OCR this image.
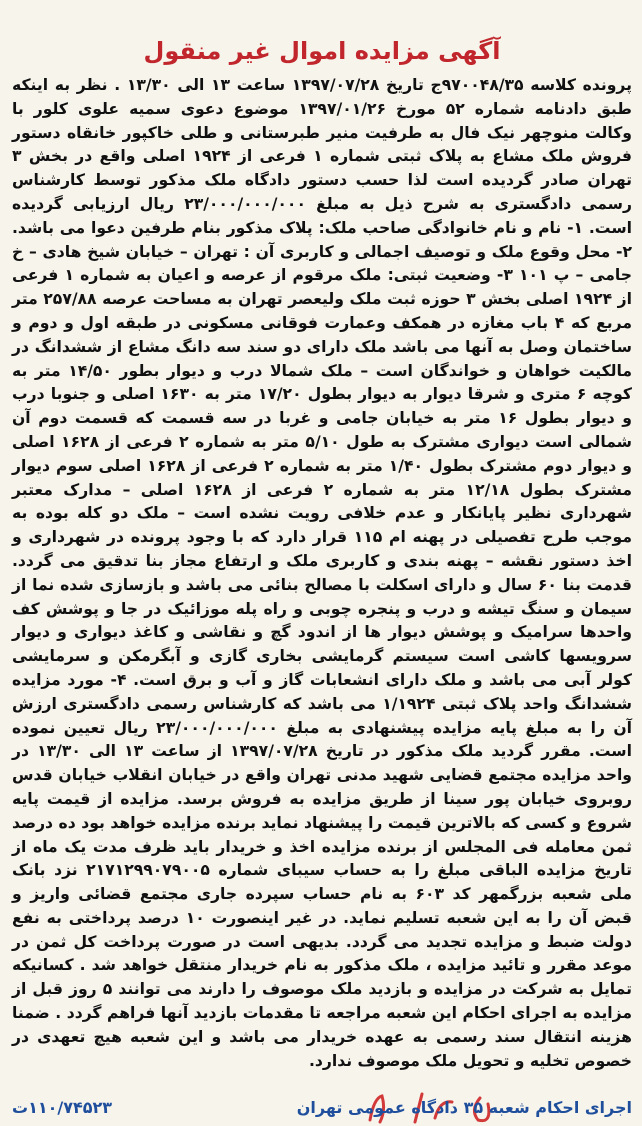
آگهی مزایده اموال غیر منقول

پرونده کلاسه ۹۷۰۰۴۸/۳۵ج تاریخ ۱۳۹۷/۰۷/۲۸ ساعت ۱۳ الی ۱۳/۳۰ . نظر به اینکه طبق دادنامه شماره ۵۲ مورخ ۱۳۹۷/۰۱/۲۶ موضوع دعوی سمیه علوی کلور با وکالت منوچهر نیک فال به طرفیت منیر طبرستانی و طلی خاکپور خانقاه دستور فروش ملک مشاع به پلاک ثبتی شماره ۱ فرعی از ۱۹۲۴ اصلی واقع در بخش ۳ تهران صادر گردیده است لذا حسب دستور دادگاه ملک مذکور توسط کارشناس رسمی دادگستری به شرح ذیل به مبلغ ۲۳/۰۰۰/۰۰۰/۰۰۰ ریال ارزیابی گردیده است. ۱- نام و نام خانوادگی صاحب ملک: پلاک مذکور بنام طرفین دعوا می باشد. ۲- محل وقوع ملک و توصیف اجمالی و کاربری آن : تهران – خیابان شیخ هادی – خ جامی – پ ۱۰۱ ۳- وضعیت ثبتی: ملک مرقوم از عرصه و اعیان به شماره ۱ فرعی از ۱۹۲۴ اصلی بخش ۳ حوزه ثبت ملک ولیعصر تهران به مساحت عرصه ۲۵۷/۸۸ متر مربع که ۴ باب مغازه در همکف وعمارت فوقانی مسکونی در طبقه اول و دوم و ساختمان وصل به آنها می باشد ملک دارای دو سند سه دانگ مشاع از ششدانگ در مالکیت خواهان و خواندگان است – ملک شمالا درب و دیوار بطور ۱۴/۵۰ متر به کوچه ۶ متری و شرقا دیوار به دیوار بطول ۱۷/۲۰ متر به ۱۶۳۰ اصلی و جنوبا درب و دیوار بطول ۱۶ متر به خیابان جامی و غربا در سه قسمت که قسمت دوم آن شمالی است دیواری مشترک به طول ۵/۱۰ متر به شماره ۲ فرعی از ۱۶۲۸ اصلی و دیوار دوم مشترک بطول ۱/۴۰ متر به شماره ۲ فرعی از ۱۶۲۸ اصلی سوم دیوار مشترک بطول ۱۲/۱۸ متر به شماره ۲ فرعی از ۱۶۲۸ اصلی – مدارک معتبر شهرداری نظیر پایانکار و عدم خلافی رویت نشده است – ملک دو کله بوده به موجب طرح تفصیلی در پهنه ام ۱۱۵ قرار دارد که با وجود پرونده در شهرداری و اخذ دستور نقشه – پهنه بندی و کاربری ملک و ارتفاع مجاز بنا تدقیق می گردد. قدمت بنا ۶۰ سال و دارای اسکلت با مصالح بنائی می باشد و بازسازی شده نما از سیمان و سنگ تیشه و درب و پنجره چوبی و راه پله موزائیک در جا و پوشش کف واحدها سرامیک و پوشش دیوار ها از اندود گچ و نقاشی و کاغذ دیواری و دیوار سرویسها کاشی است سیستم گرمایشی بخاری گازی و آبگرمکن و سرمایشی کولر آبی می باشد و ملک دارای انشعابات گاز و آب و برق است. ۴- مورد مزایده ششدانگ واحد پلاک ثبتی ۱/۱۹۲۴ می باشد که کارشناس رسمی دادگستری ارزش آن را به مبلغ پایه مزایده پیشنهادی به مبلغ ۲۳/۰۰۰/۰۰۰/۰۰۰ ریال تعیین نموده است. مقرر گردید ملک مذکور در تاریخ ۱۳۹۷/۰۷/۲۸ از ساعت ۱۳ الی ۱۳/۳۰ در واحد مزایده مجتمع قضایی شهید مدنی تهران واقع در خیابان انقلاب خیابان قدس روبروی خیابان پور سینا از طریق مزایده به فروش برسد. مزایده از قیمت پایه شروع و کسی که بالاترین قیمت را پیشنهاد نماید برنده مزایده خواهد بود ده درصد ثمن معامله فی المجلس از برنده مزایده اخذ و خریدار باید ظرف مدت یک ماه از تاریخ مزایده الباقی مبلغ را به حساب سیبای شماره ۲۱۷۱۲۹۹۰۷۹۰۰۵ نزد بانک ملی شعبه بزرگمهر کد ۶۰۳ به نام حساب سپرده جاری مجتمع قضائی واریز و قبض آن را به این شعبه تسلیم نماید. در غیر اینصورت ۱۰ درصد پرداختی به نفع دولت ضبط و مزایده تجدید می گردد. بدیهی است در صورت پرداخت کل ثمن در موعد مقرر و تائید مزایده ، ملک مذکور به نام خریدار منتقل خواهد شد . کسانیکه تمایل به شرکت در مزایده و بازدید ملک موصوف را دارند می توانند ۵ روز قبل از مزایده به اجرای احکام این شعبه مراجعه تا مقدمات بازدید آنها فراهم گردد . ضمنا هزینه انتقال سند رسمی به عهده خریدار می باشد و این شعبه هیچ تعهدی در خصوص تخلیه و تحویل ملک موصوف ندارد.

۱۱۰/۷۴۵۲۳ت	اجرای احکام شعبه ۳۵ دادگاه عمومی تهران
